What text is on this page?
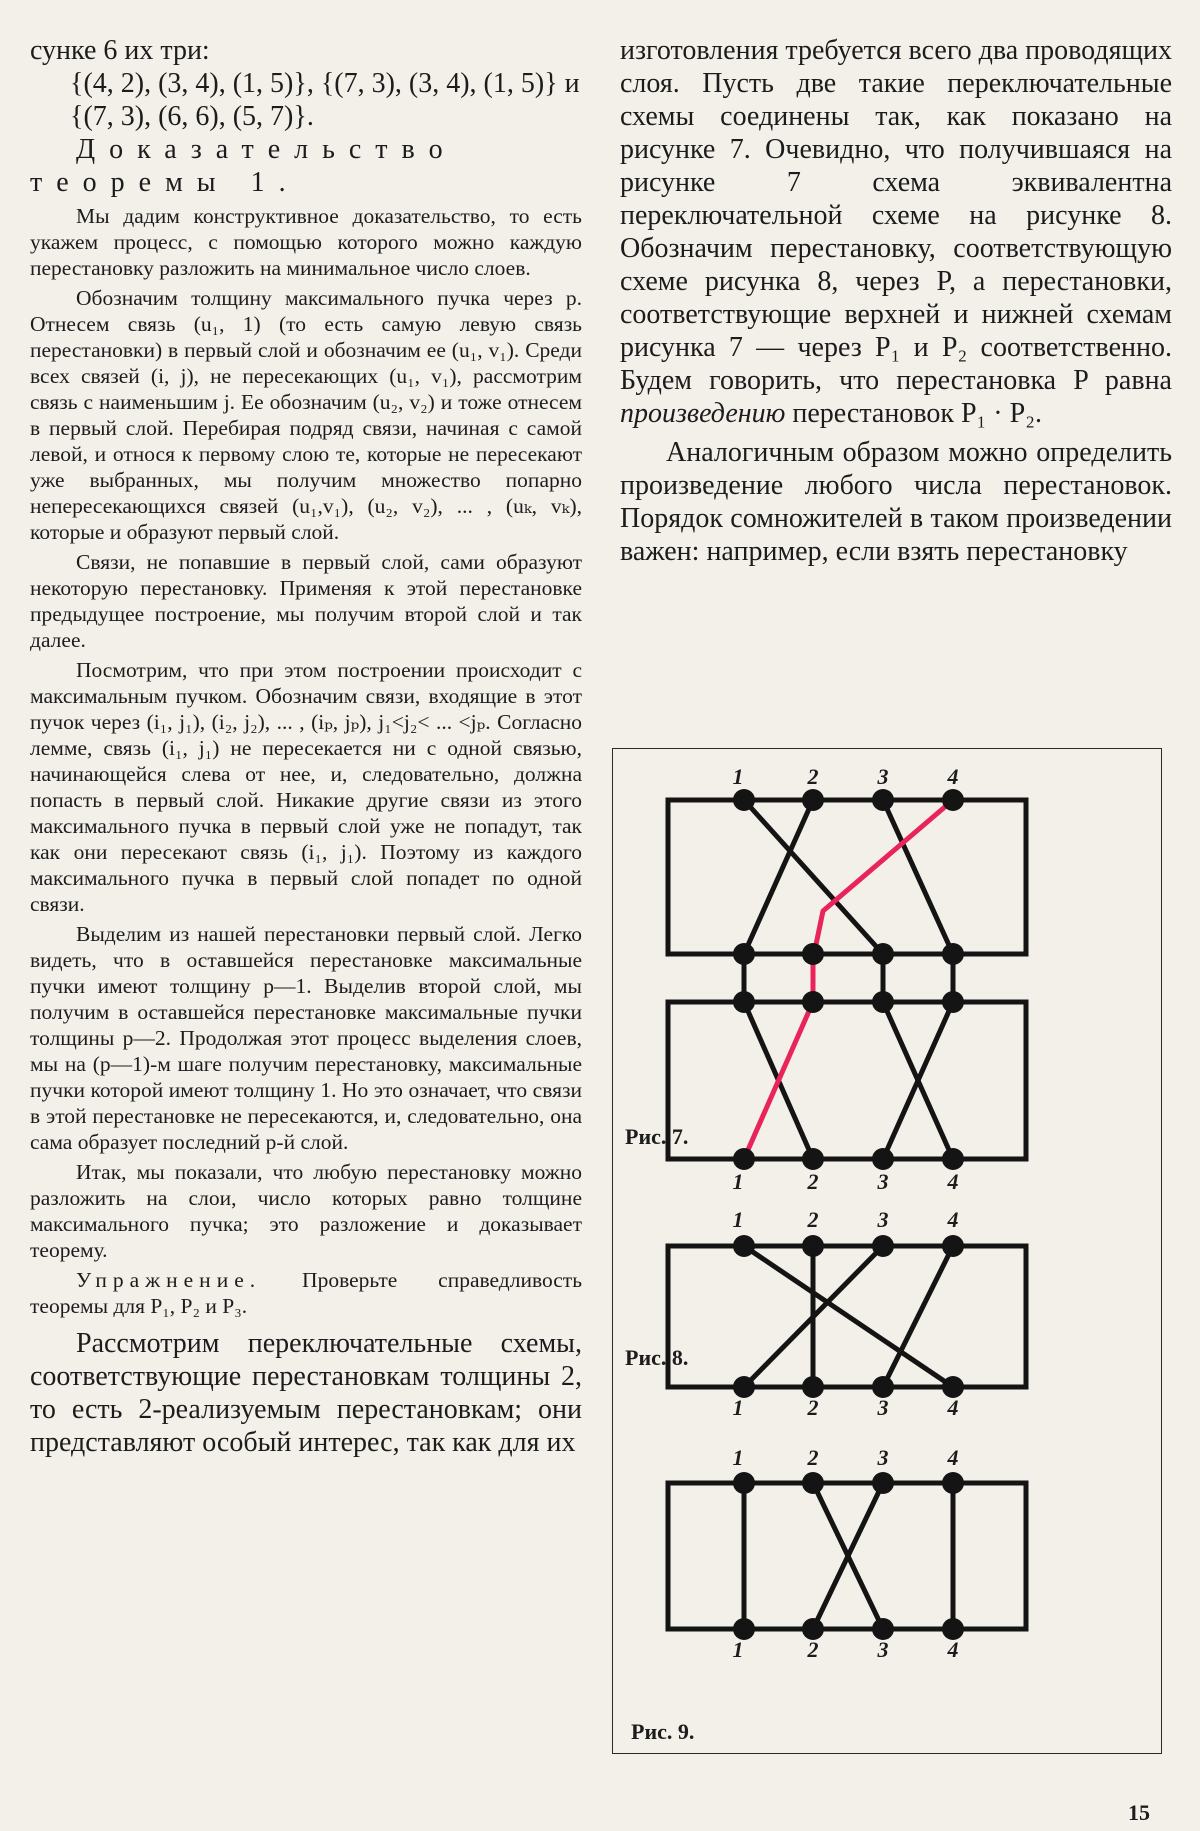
сунке 6 их три:

{(4, 2), (3, 4), (1, 5)}, {(7, 3), (3, 4), (1, 5)} и {(7, 3), (6, 6), (5, 7)}.

Доказательство теоремы 1.

Мы дадим конструктивное доказательство, то есть укажем процесс, с помощью которого можно каждую перестановку разложить на минимальное число слоев.

Обозначим толщину максимального пучка через p. Отнесем связь (u₁, 1) (то есть самую левую связь перестановки) в первый слой и обозначим ее (u₁, v₁). Среди всех связей (i, j), не пересекающих (u₁, v₁), рассмотрим связь с наименьшим j. Ее обозначим (u₂, v₂) и тоже отнесем в первый слой. Перебирая подряд связи, начиная с самой левой, и относя к первому слою те, которые не пересекают уже выбранных, мы получим множество попарно непересекающихся связей (u₁,v₁), (u₂, v₂), ... , (uₖ, vₖ), которые и образуют первый слой.

Связи, не попавшие в первый слой, сами образуют некоторую перестановку. Применяя к этой перестановке предыдущее построение, мы получим второй слой и так далее.

Посмотрим, что при этом построении происходит с максимальным пучком. Обозначим связи, входящие в этот пучок через (i₁, j₁), (i₂, j₂), ... , (iₚ, jₚ), j₁<j₂< ... <jₚ. Согласно лемме, связь (i₁, j₁) не пересекается ни с одной связью, начинающейся слева от нее, и, следовательно, должна попасть в первый слой. Никакие другие связи из этого максимального пучка в первый слой уже не попадут, так как они пересекают связь (i₁, j₁). Поэтому из каждого максимального пучка в первый слой попадет по одной связи.

Выделим из нашей перестановки первый слой. Легко видеть, что в оставшейся перестановке максимальные пучки имеют толщину p—1. Выделив второй слой, мы получим в оставшейся перестановке максимальные пучки толщины p—2. Продолжая этот процесс выделения слоев, мы на (p—1)-м шаге получим перестановку, максимальные пучки которой имеют толщину 1. Но это означает, что связи в этой перестановке не пересекаются, и, следовательно, она сама образует последний p-й слой.

Итак, мы показали, что любую перестановку можно разложить на слои, число которых равно толщине максимального пучка; это разложение и доказывает теорему.

Упражнение. Проверьте справедливость теоремы для P₁, P₂ и P₃.

Рассмотрим переключательные схемы, соответствующие перестановкам толщины 2, то есть 2-реализуемым перестановкам; они представляют особый интерес, так как для их

изготовления требуется всего два проводящих слоя. Пусть две такие переключательные схемы соединены так, как показано на рисунке 7. Очевидно, что получившаяся на рисунке 7 схема эквивалентна переключательной схеме на рисунке 8. Обозначим перестановку, соответствующую схеме рисунка 8, через P, а перестановки, соответствующие верхней и нижней схемам рисунка 7 — через P₁ и P₂ соответственно. Будем говорить, что перестановка P равна произведению перестановок P₁ · P₂.

Аналогичным образом можно определить произведение любого числа перестановок. Порядок сомножителей в таком произведении важен: например, если взять перестановку

1	2	3	4
1	2	3	4
1	2	3	4
1	2	3	4
1	2	3	4
1	2	3	4
Рис. 7.
Рис. 8.
Рис. 9.
15
